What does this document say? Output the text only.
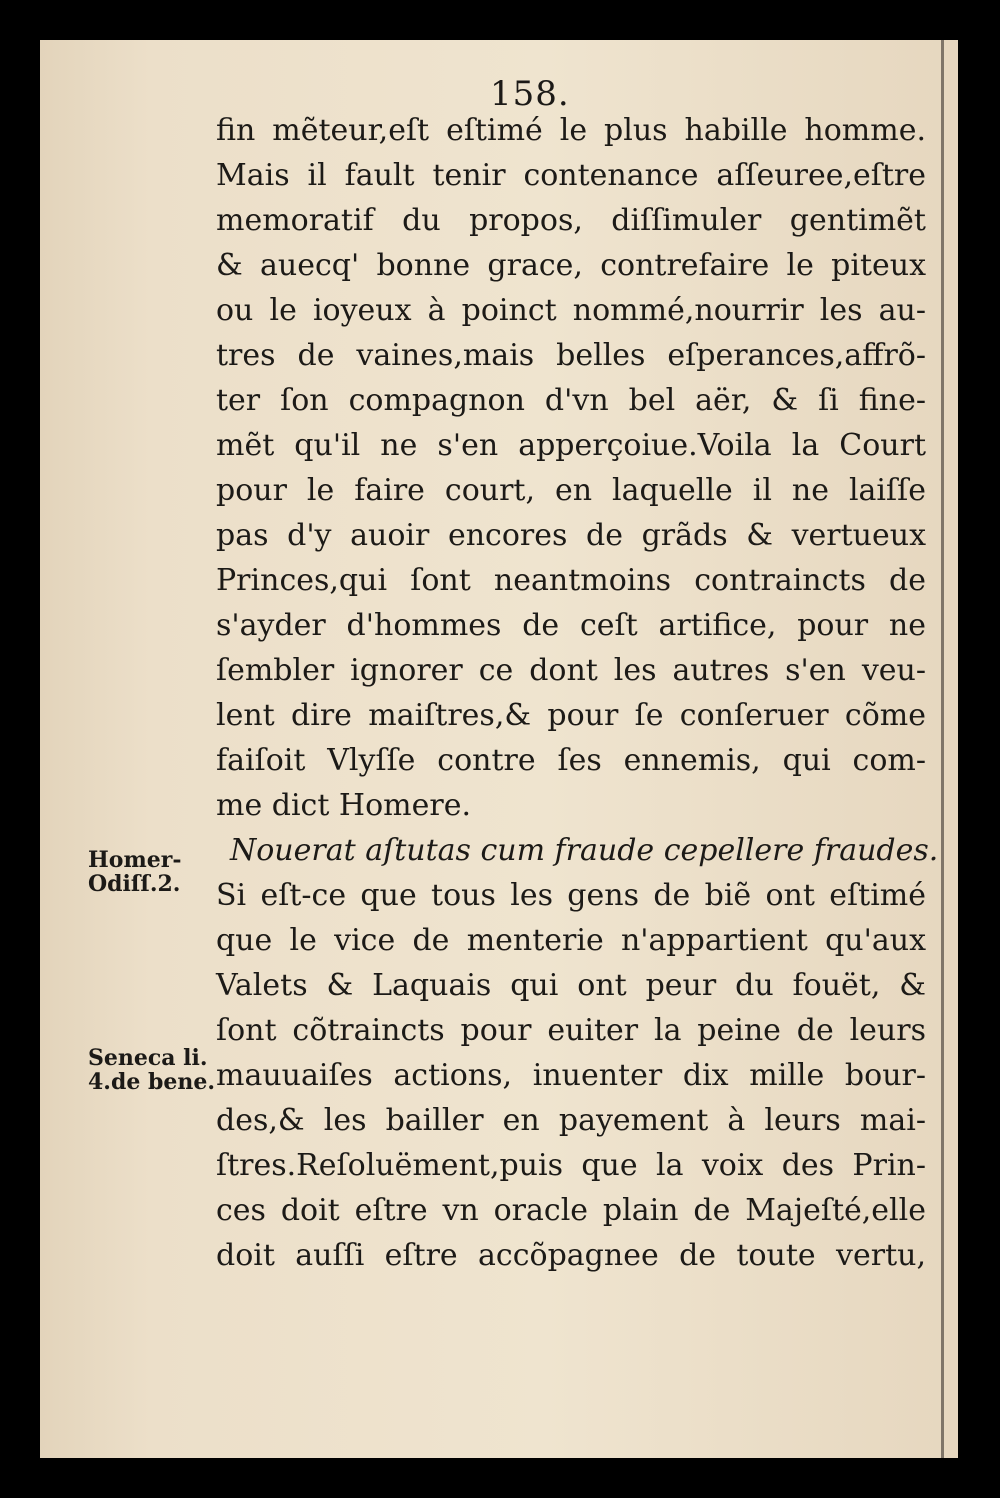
158.
fin mẽteur,eſt eſtimé le plus habille homme.
Mais il fault tenir contenance aſſeuree,eſtre
memoratif du propos, diſſimuler gentimẽt
& auecq' bonne grace, contrefaire le piteux
ou le ioyeux à poinct nommé,nourrir les au-
tres de vaines,mais belles eſperances,affrõ-
ter ſon compagnon d'vn bel aër, & ſi fine-
mẽt qu'il ne s'en apperçoiue.Voila la Court
pour le faire court, en laquelle il ne laiſſe
pas d'y auoir encores de grãds & vertueux
Princes,qui ſont neantmoins contraincts de
s'ayder d'hommes de ceſt artifice, pour ne
ſembler ignorer ce dont les autres s'en veu-
lent dire maiſtres,& pour ſe conſeruer cõme
faiſoit Vlyſſe contre ſes ennemis, qui com-
me dict Homere.
Nouerat aſtutas cum fraude cepellere fraudes.
Si eſt-ce que tous les gens de biẽ ont eſtimé
que le vice de menterie n'appartient qu'aux
Valets & Laquais qui ont peur du fouët, &
ſont cõtraincts pour euiter la peine de leurs
mauuaiſes actions, inuenter dix mille bour-
des,& les bailler en payement à leurs mai-
ſtres.Reſoluëment,puis que la voix des Prin-
ces doit eſtre vn oracle plain de Majeſté,elle
doit auſſi eſtre accõpagnee de toute vertu,
Homer-
Odiſſ.2.
Seneca li.
4.de bene.
